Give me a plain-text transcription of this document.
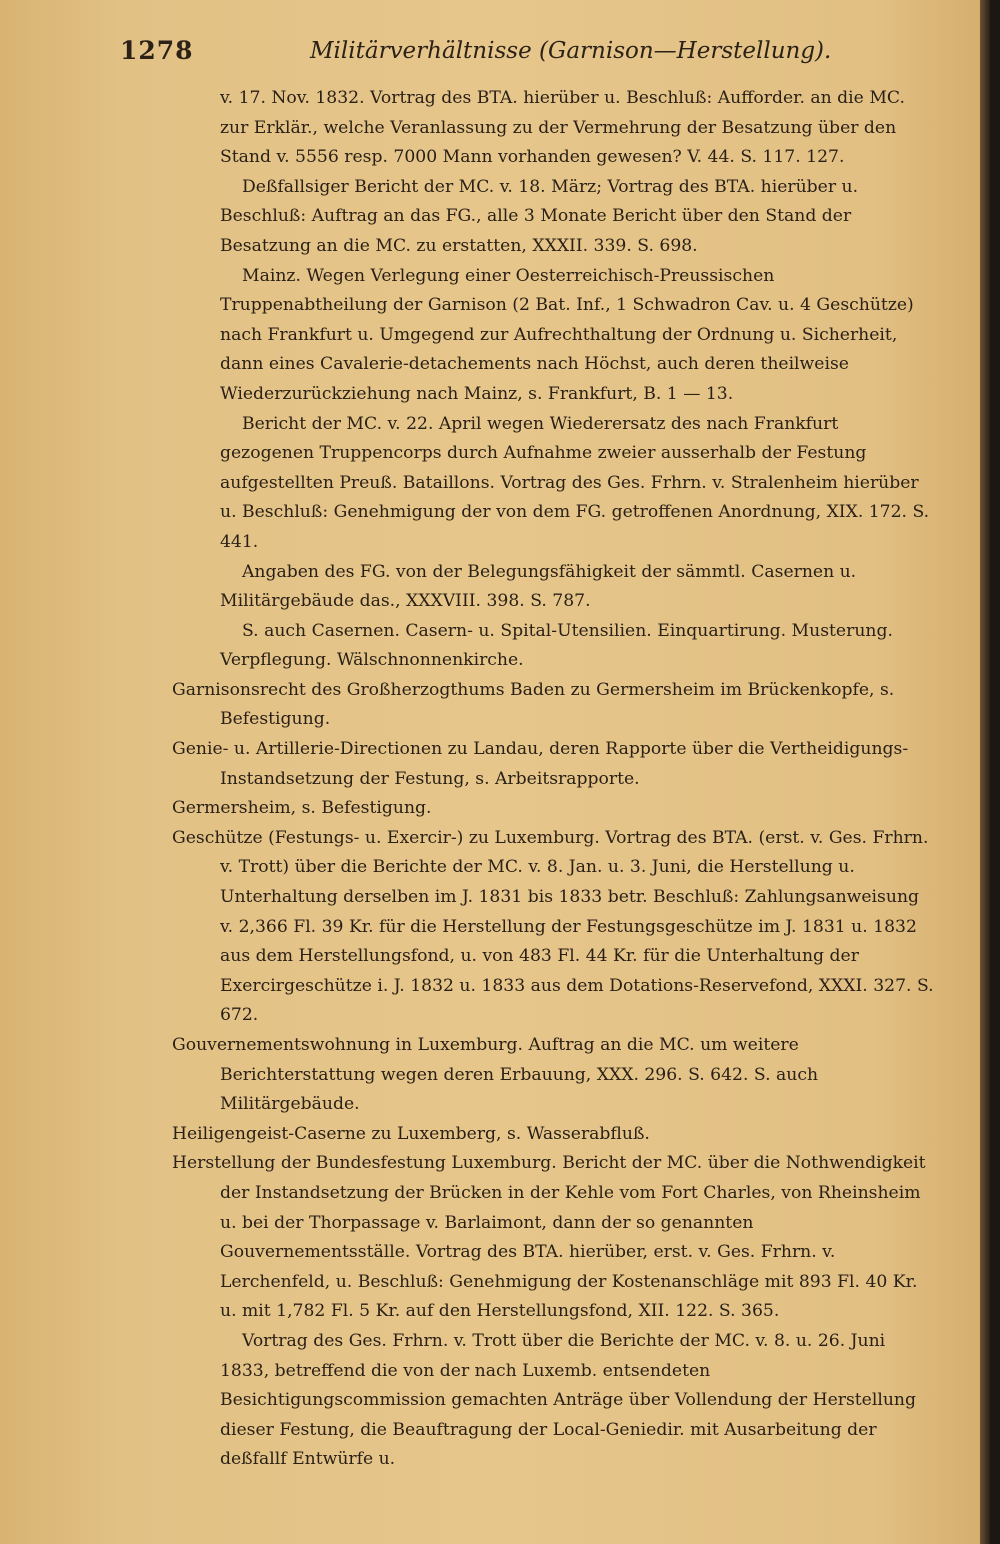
1278	Militärverhältnisse (Garnison—Herstellung).

v. 17. Nov. 1832. Vortrag des BTA. hierüber u. Beschluß: Aufforder. an die MC. zur Erklär., welche Veranlassung zu der Vermehrung der Besatzung über den Stand v. 5556 resp. 7000 Mann vorhanden gewesen? V. 44. S. 117. 127.

Deßfallsiger Bericht der MC. v. 18. März; Vortrag des BTA. hierüber u. Beschluß: Auftrag an das FG., alle 3 Monate Bericht über den Stand der Besatzung an die MC. zu erstatten, XXXII. 339. S. 698.

Mainz. Wegen Verlegung einer Oesterreichisch-Preussischen Truppenabtheilung der Garnison (2 Bat. Inf., 1 Schwadron Cav. u. 4 Geschütze) nach Frankfurt u. Umgegend zur Aufrechthaltung der Ordnung u. Sicherheit, dann eines Cavalerie-detachements nach Höchst, auch deren theilweise Wiederzurückziehung nach Mainz, s. Frankfurt, B. 1 — 13.

Bericht der MC. v. 22. April wegen Wiederersatz des nach Frankfurt gezogenen Truppencorps durch Aufnahme zweier ausserhalb der Festung aufgestellten Preuß. Bataillons. Vortrag des Ges. Frhrn. v. Stralenheim hierüber u. Beschluß: Genehmigung der von dem FG. getroffenen Anordnung, XIX. 172. S. 441.

Angaben des FG. von der Belegungsfähigkeit der sämmtl. Casernen u. Militärgebäude das., XXXVIII. 398. S. 787.

S. auch Casernen. Casern- u. Spital-Utensilien. Einquartirung. Musterung. Verpflegung. Wälschnonnenkirche.

Garnisonsrecht des Großherzogthums Baden zu Germersheim im Brückenkopfe, s. Befestigung.

Genie- u. Artillerie-Directionen zu Landau, deren Rapporte über die Vertheidigungs-Instandsetzung der Festung, s. Arbeitsrapporte.

Germersheim, s. Befestigung.

Geschütze (Festungs- u. Exercir-) zu Luxemburg. Vortrag des BTA. (erst. v. Ges. Frhrn. v. Trott) über die Berichte der MC. v. 8. Jan. u. 3. Juni, die Herstellung u. Unterhaltung derselben im J. 1831 bis 1833 betr. Beschluß: Zahlungsanweisung v. 2,366 Fl. 39 Kr. für die Herstellung der Festungsgeschütze im J. 1831 u. 1832 aus dem Herstellungsfond, u. von 483 Fl. 44 Kr. für die Unterhaltung der Exercirgeschütze i. J. 1832 u. 1833 aus dem Dotations-Reservefond, XXXI. 327. S. 672.

Gouvernementswohnung in Luxemburg. Auftrag an die MC. um weitere Berichterstattung wegen deren Erbauung, XXX. 296. S. 642. S. auch Militärgebäude.

Heiligengeist-Caserne zu Luxemberg, s. Wasserabfluß.

Herstellung der Bundesfestung Luxemburg. Bericht der MC. über die Nothwendigkeit der Instandsetzung der Brücken in der Kehle vom Fort Charles, von Rheinsheim u. bei der Thorpassage v. Barlaimont, dann der so genannten Gouvernementsställe. Vortrag des BTA. hierüber, erst. v. Ges. Frhrn. v. Lerchenfeld, u. Beschluß: Genehmigung der Kostenanschläge mit 893 Fl. 40 Kr. u. mit 1,782 Fl. 5 Kr. auf den Herstellungsfond, XII. 122. S. 365.

Vortrag des Ges. Frhrn. v. Trott über die Berichte der MC. v. 8. u. 26. Juni 1833, betreffend die von der nach Luxemb. entsendeten Besichtigungscommission gemachten Anträge über Vollendung der Herstellung dieser Festung, die Beauftragung der Local-Geniedir. mit Ausarbeitung der deßfallf Entwürfe u.
